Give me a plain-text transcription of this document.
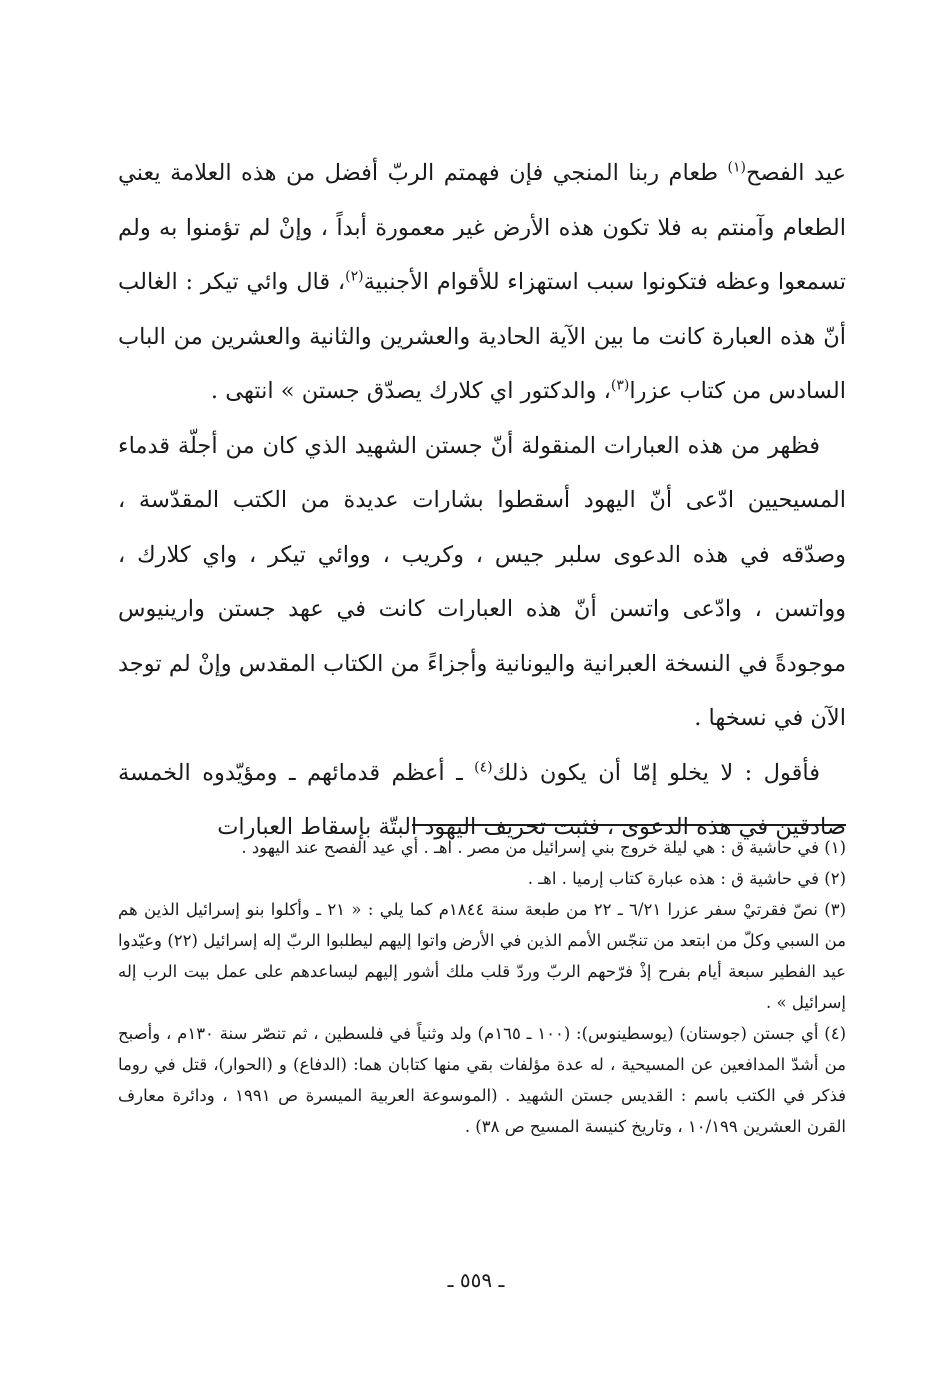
عيد الفصح$^{(١)}$ طعام ربنا المنجي فإن فهمتم الربّ أفضل من هذه العلامة يعني الطعام وآمنتم به فلا تكون هذه الأرض غير معمورة أبداً ، وإنْ لم تؤمنوا به ولم تسمعوا وعظه فتكونوا سبب استهزاء للأقوام الأجنبية$^{(٢)}$، قال وائي تيكر : الغالب أنّ هذه العبارة كانت ما بين الآية الحادية والعشرين والثانية والعشرين من الباب السادس من كتاب عزرا$^{(٣)}$، والدكتور اي كلارك يصدّق جستن » انتهى .

فظهر من هذه العبارات المنقولة أنّ جستن الشهيد الذي كان من أجلّة قدماء المسيحيين ادّعى أنّ اليهود أسقطوا بشارات عديدة من الكتب المقدّسة ، وصدّقه في هذه الدعوى سلبر جيس ، وكريب ، ووائي تيكر ، واي كلارك ، وواتسن ، وادّعى واتسن أنّ هذه العبارات كانت في عهد جستن وارينيوس موجودةً في النسخة العبرانية واليونانية وأجزاءً من الكتاب المقدس وإنْ لم توجد الآن في نسخها .

فأقول : لا يخلو إمّا أن يكون ذلك$^{(٤)}$ ـ أعظم قدمائهم ـ ومؤيّدوه الخمسة صادقين في هذه الدعوى ، فثبت تحريف اليهود البتّة بإسقاط العبارات

(١) في حاشية ق : هي ليلة خروج بني إسرائيل من مصر . اهـ . أي عيد الفصح عند اليهود .

(٢) في حاشية ق : هذه عبارة كتاب إرميا . اهـ .

(٣) نصّ فقرتيْ سفر عزرا ٦/٢١ ـ ٢٢ من طبعة سنة ١٨٤٤م كما يلي : « ٢١ ـ وأكلوا بنو إسرائيل الذين هم من السبي وكلّ من ابتعد من تنجّس الأمم الذين في الأرض واتوا إليهم ليطلبوا الربّ إله إسرائيل (٢٢) وعيّدوا عيد الفطير سبعة أيام بفرح إذْ فرّحهم الربّ وردّ قلب ملك أشور إليهم ليساعدهم على عمل بيت الرب إله إسرائيل » .

(٤) أي جستن (جوستان) (يوسطينوس): (١٠٠ ـ ١٦٥م) ولد وثنياً في فلسطين ، ثم تنصّر سنة ١٣٠م ، وأصبح من أشدّ المدافعين عن المسيحية ، له عدة مؤلفات بقي منها كتابان هما: (الدفاع) و (الحوار)، قتل في روما فذكر في الكتب باسم : القديس جستن الشهيد . (الموسوعة العربية الميسرة ص ١٩٩١ ، ودائرة معارف القرن العشرين ١٠/١٩٩ ، وتاريخ كنيسة المسيح ص ٣٨) .

ـ ٥٥٩ ـ
